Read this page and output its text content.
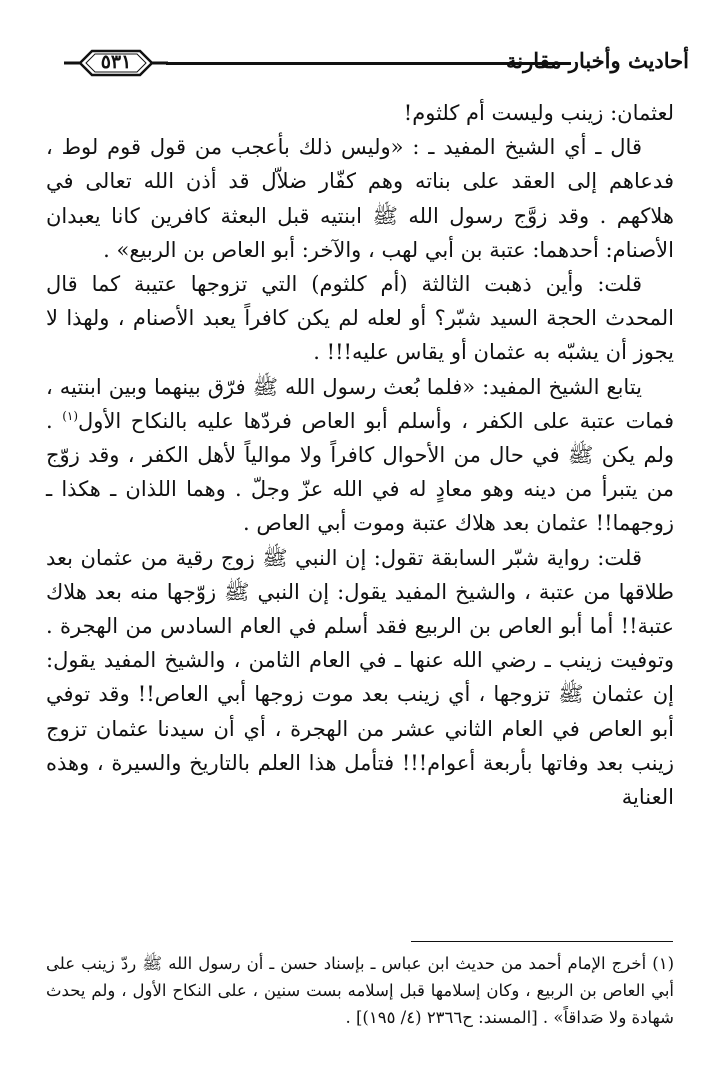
٥٣١	أحاديث وأخبار مقارنة

لعثمان: زينب وليست أم كلثوم!

قال ـ أي الشيخ المفيد ـ : «وليس ذلك بأعجب من قول قوم لوط ، فدعاهم إلى العقد على بناته وهم كفّار ضلاّل قد أذن الله تعالى في هلاكهم . وقد زوَّج رسول الله ﷺ ابنتيه قبل البعثة كافرين كانا يعبدان الأصنام: أحدهما: عتبة بن أبي لهب ، والآخر: أبو العاص بن الربيع» .

قلت: وأين ذهبت الثالثة (أم كلثوم) التي تزوجها عتيبة كما قال المحدث الحجة السيد شبّر؟ أو لعله لم يكن كافراً يعبد الأصنام ، ولهذا لا يجوز أن يشبّه به عثمان أو يقاس عليه!!! .

يتابع الشيخ المفيد: «فلما بُعث رسول الله ﷺ فرّق بينهما وبين ابنتيه ، فمات عتبة على الكفر ، وأسلم أبو العاص فردّها عليه بالنكاح الأول$^{(١)}$ . ولم يكن ﷺ في حال من الأحوال كافراً ولا موالياً لأهل الكفر ، وقد زوّج من يتبرأ من دينه وهو معادٍ له في الله عزّ وجلّ . وهما اللذان ـ هكذا ـ زوجهما!! عثمان بعد هلاك عتبة وموت أبي العاص .

قلت: رواية شبّر السابقة تقول: إن النبي ﷺ زوج رقية من عثمان بعد طلاقها من عتبة ، والشيخ المفيد يقول: إن النبي ﷺ زوّجها منه بعد هلاك عتبة!! أما أبو العاص بن الربيع فقد أسلم في العام السادس من الهجرة . وتوفيت زينب ـ رضي الله عنها ـ في العام الثامن ، والشيخ المفيد يقول: إن عثمان ﷺ تزوجها ، أي زينب بعد موت زوجها أبي العاص!! وقد توفي أبو العاص في العام الثاني عشر من الهجرة ، أي أن سيدنا عثمان تزوج زينب بعد وفاتها بأربعة أعوام!!! فتأمل هذا العلم بالتاريخ والسيرة ، وهذه العناية

(١) أخرج الإمام أحمد من حديث ابن عباس ـ بإسناد حسن ـ أن رسول الله ﷺ ردّ زينب على أبي العاص بن الربيع ، وكان إسلامها قبل إسلامه بست سنين ، على النكاح الأول ، ولم يحدث شهادة ولا صَداقاً» . [المسند: ح٢٣٦٦ (٤/ ١٩٥)] .
